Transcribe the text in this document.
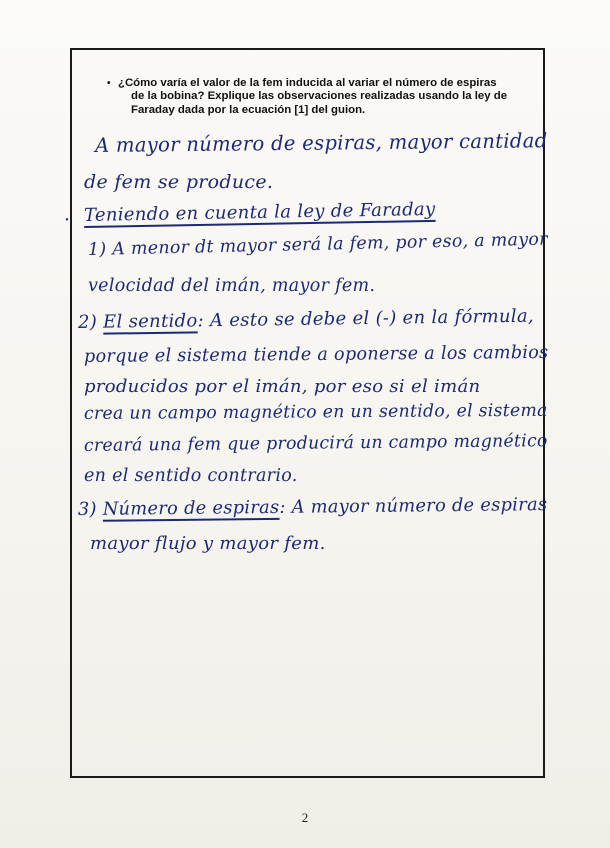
• ¿Cómo varía el valor de la fem inducida al variar el número de espiras
de la bobina? Explique las observaciones realizadas usando la ley de
Faraday dada por la ecuación [1] del guion.
A mayor número de espiras, mayor cantidad
de fem se produce.
· Teniendo en cuenta la ley de Faraday
1) A menor dt mayor será la fem, por eso, a mayor
velocidad del imán, mayor fem.
2) El sentido: A esto se debe el (-) en la fórmula,
porque el sistema tiende a oponerse a los cambios
producidos por el imán, por eso si el imán
crea un campo magnético en un sentido, el sistema
creará una fem que producirá un campo magnético
en el sentido contrario.
3) Número de espiras: A mayor número de espiras
mayor flujo y mayor fem.
2
